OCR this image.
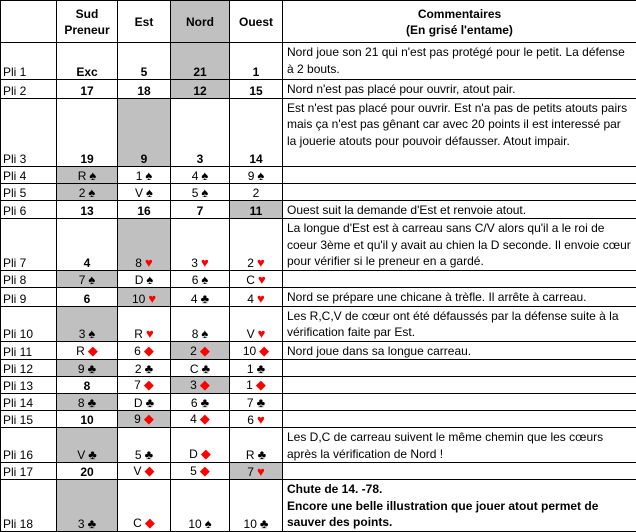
	Sud
Preneur	Est	Nord	Ouest	Commentaires
(En grisé l'entame)
Pli 1	Exc	5	21	1	Nord joue son 21 qui n'est pas protégé pour le petit. La défense à 2 bouts.
Pli 2	17	18	12	15	Nord n'est pas placé pour ouvrir, atout pair.
Pli 3	19	9	3	14	Est n'est pas placé pour ouvrir. Est n'a pas de petits atouts pairs mais ça n'est pas gênant car avec 20 points il est interessé par la jouerie atouts pour pouvoir défausser. Atout impair.
Pli 4	R ♠	1 ♠	4 ♠	9 ♠	
Pli 5	2 ♠	V ♠	5 ♠	2	
Pli 6	13	16	7	11	Ouest suit la demande d'Est et renvoie atout.
Pli 7	4	8 ♥	3 ♥	2 ♥	La longue d'Est est à carreau sans C/V alors qu'il a le roi de coeur 3ème et qu'il y avait au chien la D seconde. Il envoie cœur pour vérifier si le preneur en a gardé.
Pli 8	7 ♠	D ♠	6 ♠	C ♥	
Pli 9	6	10 ♥	4 ♣	4 ♥	Nord se prépare une chicane à trèfle. Il arrête à carreau.
Pli 10	3 ♠	R ♥	8 ♠	V ♥	Les R,C,V de cœur ont été défaussés par la défense suite à la vérification faite par Est.
Pli 11	R ◆	6 ◆	2 ◆	10 ◆	Nord joue dans sa longue carreau.
Pli 12	9 ♣	2 ♣	C ♣	1 ♣	
Pli 13	8	7 ◆	3 ◆	1 ◆	
Pli 14	8 ♣	D ♣	6 ♣	7 ♣	
Pli 15	10	9 ◆	4 ◆	6 ♥	
Pli 16	V ♣	5 ♣	D ◆	R ♣	Les D,C de carreau suivent le même chemin que les cœurs après la vérification de Nord !
Pli 17	20	V ◆	5 ◆	7 ♥	
Pli 18	3 ♣	C ◆	10 ♠	10 ♣	Chute de 14. -78.
Encore une belle illustration que jouer atout permet de sauver des points.
